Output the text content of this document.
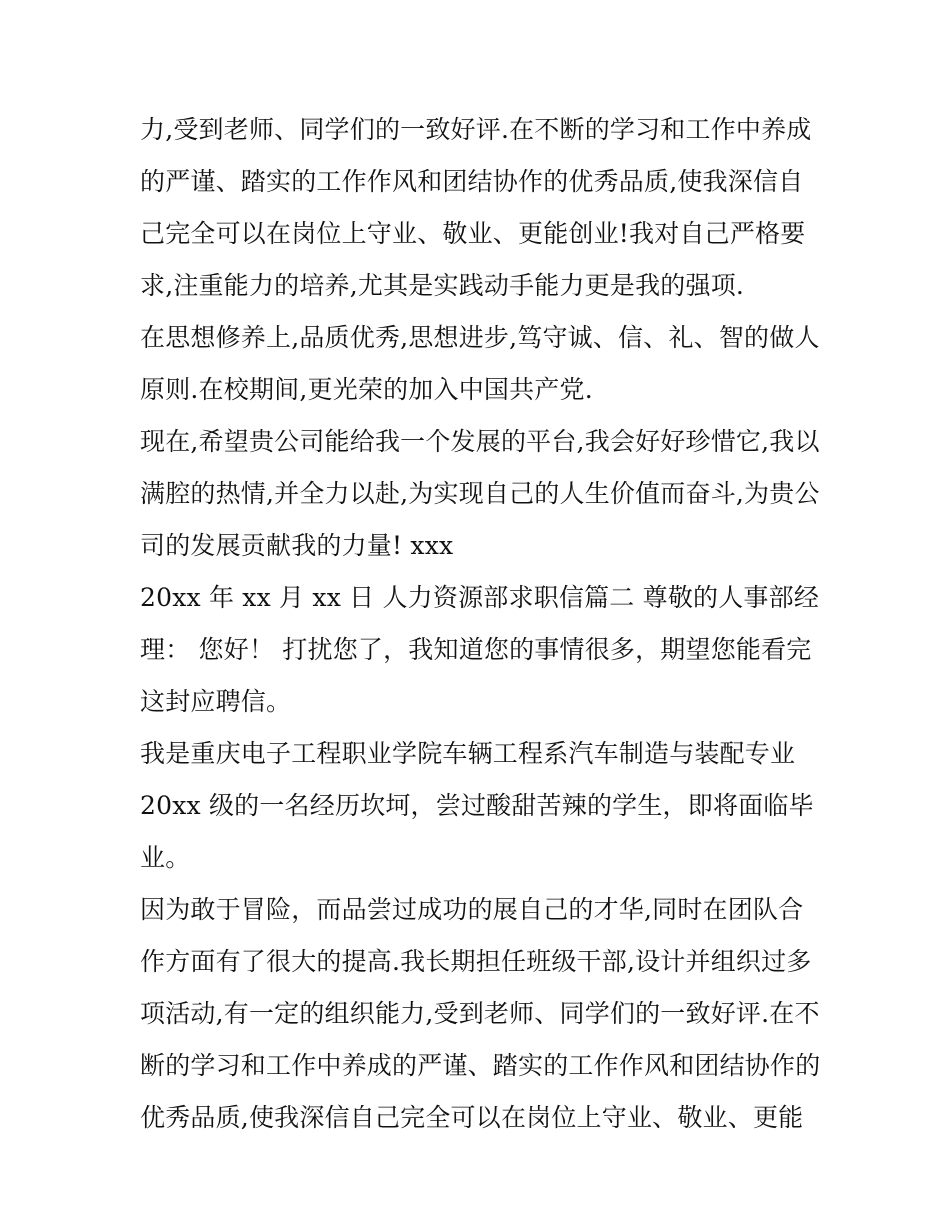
力,受到老师、同学们的一致好评.在不断的学习和工作中养成
的严谨、踏实的工作作风和团结协作的优秀品质,使我深信自
己完全可以在岗位上守业、敬业、更能创业!我对自己严格要
求,注重能力的培养,尤其是实践动手能力更是我的强项.
在思想修养上,品质优秀,思想进步,笃守诚、信、礼、智的做人
原则.在校期间,更光荣的加入中国共产党.
现在,希望贵公司能给我一个发展的平台,我会好好珍惜它,我以
满腔的热情,并全力以赴,为实现自己的人生价值而奋斗,为贵公
司的发展贡献我的力量! xxx
20xx 年 xx 月 xx 日 人力资源部求职信篇二 尊敬的人事部经
理： 您好！ 打扰您了，我知道您的事情很多，期望您能看完
这封应聘信。
我是重庆电子工程职业学院车辆工程系汽车制造与装配专业
20xx 级的一名经历坎坷，尝过酸甜苦辣的学生，即将面临毕
业。
因为敢于冒险，而品尝过成功的展自己的才华,同时在团队合
作方面有了很大的提高.我长期担任班级干部,设计并组织过多
项活动,有一定的组织能力,受到老师、同学们的一致好评.在不
断的学习和工作中养成的严谨、踏实的工作作风和团结协作的
优秀品质,使我深信自己完全可以在岗位上守业、敬业、更能
